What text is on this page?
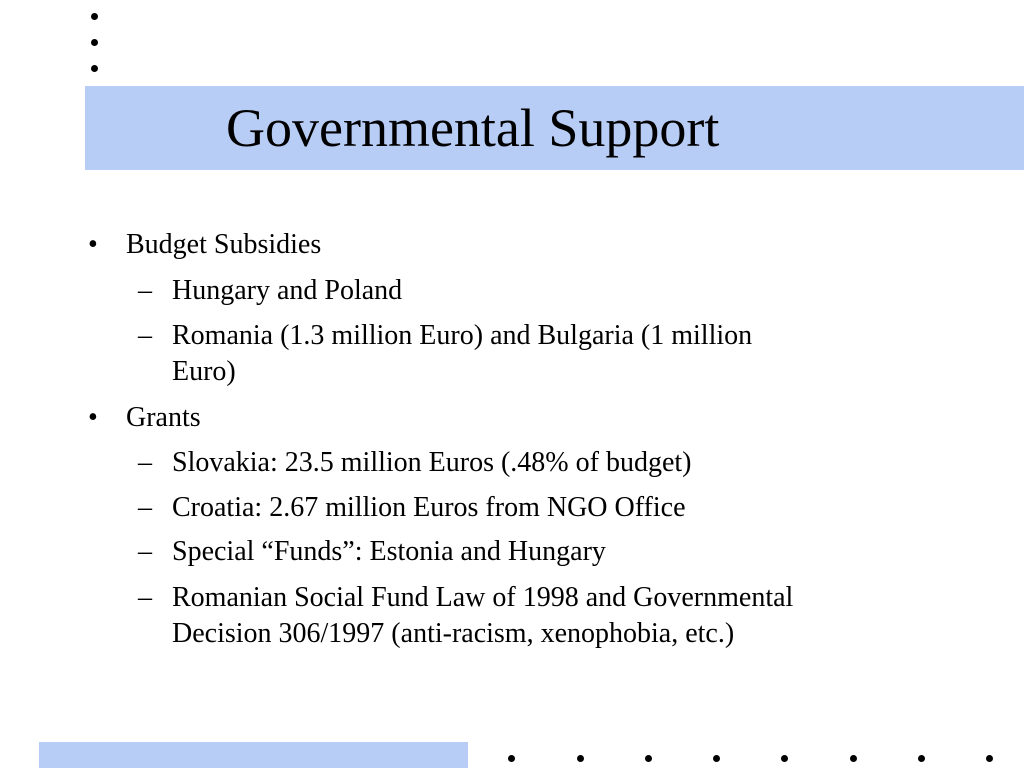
Governmental Support
• Budget Subsidies
– Hungary and Poland
– Romania (1.3 million Euro) and Bulgaria (1 million
Euro)
• Grants
– Slovakia: 23.5 million Euros (.48% of budget)
– Croatia: 2.67 million Euros from NGO Office
– Special “Funds”: Estonia and Hungary
– Romanian Social Fund Law of 1998 and Governmental
Decision 306/1997 (anti-racism, xenophobia, etc.)
